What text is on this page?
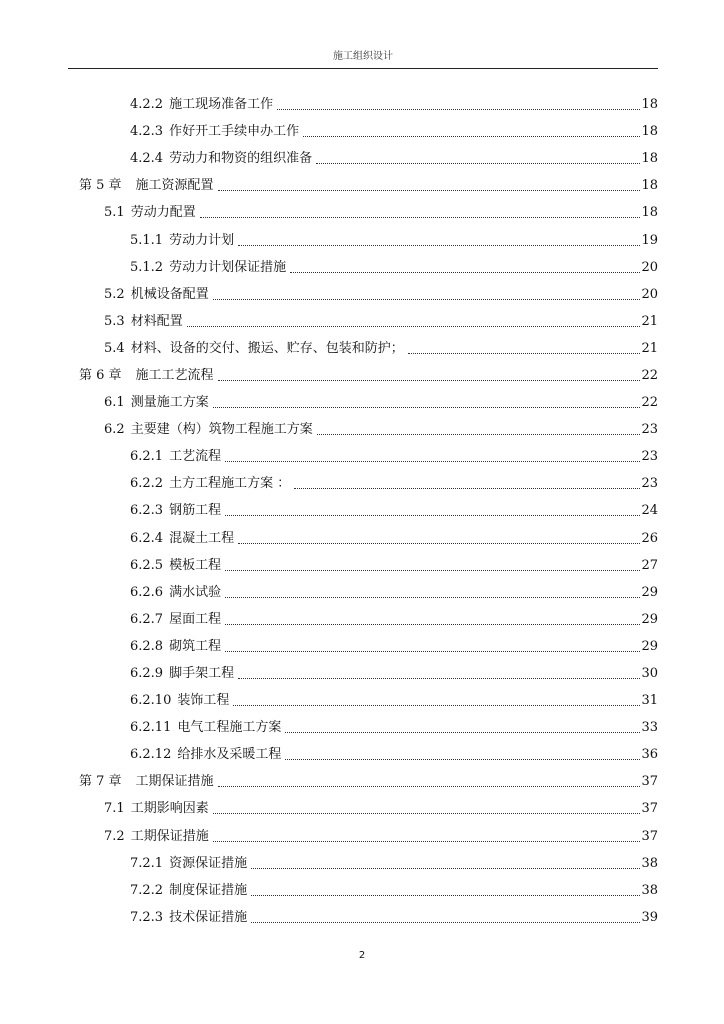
施工组织设计
4.2.2 施工现场准备工作	18
4.2.3 作好开工手续申办工作	18
4.2.4 劳动力和物资的组织准备	18
第 5 章 施工资源配置	18
5.1 劳动力配置	18
5.1.1 劳动力计划	19
5.1.2 劳动力计划保证措施	20
5.2 机械设备配置	20
5.3 材料配置	21
5.4 材料、设备的交付、搬运、贮存、包装和防护；	21
第 6 章 施工工艺流程	22
6.1 测量施工方案	22
6.2 主要建（构）筑物工程施工方案	23
6.2.1 工艺流程	23
6.2.2 土方工程施工方案 ：	23
6.2.3 钢筋工程	24
6.2.4 混凝土工程	26
6.2.5 模板工程	27
6.2.6 满水试验	29
6.2.7 屋面工程	29
6.2.8 砌筑工程	29
6.2.9 脚手架工程	30
6.2.10 装饰工程	31
6.2.11 电气工程施工方案	33
6.2.12 给排水及采暖工程	36
第 7 章 工期保证措施	37
7.1 工期影响因素	37
7.2 工期保证措施	37
7.2.1 资源保证措施	38
7.2.2 制度保证措施	38
7.2.3 技术保证措施	39
2
